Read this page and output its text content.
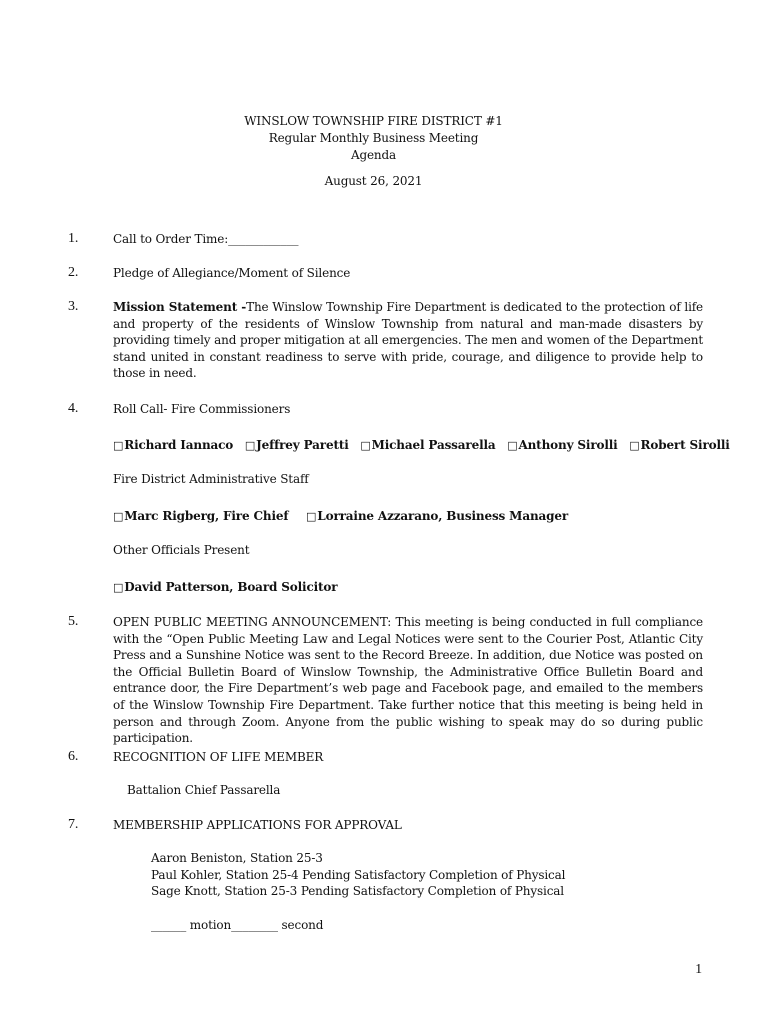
WINSLOW TOWNSHIP FIRE DISTRICT #1
Regular Monthly Business Meeting
Agenda
August 26, 2021
1.	Call to Order Time:____________
2.	Pledge of Allegiance/Moment of Silence
3.	Mission Statement -The Winslow Township Fire Department is dedicated to the protection of life and property of the residents of Winslow Township from natural and man-made disasters by providing timely and proper mitigation at all emergencies. The men and women of the Department stand united in constant readiness to serve with pride, courage, and diligence to provide help to those in need.
4.	Roll Call- Fire Commissioners
□Richard Iannaco □Jeffrey Paretti □Michael Passarella □Anthony Sirolli □Robert Sirolli
Fire District Administrative Staff
□Marc Rigberg, Fire Chief □Lorraine Azzarano, Business Manager
Other Officials Present
□David Patterson, Board Solicitor
5.	OPEN PUBLIC MEETING ANNOUNCEMENT: This meeting is being conducted in full compliance with the “Open Public Meeting Law and Legal Notices were sent to the Courier Post, Atlantic City Press and a Sunshine Notice was sent to the Record Breeze. In addition, due Notice was posted on the Official Bulletin Board of Winslow Township, the Administrative Office Bulletin Board and entrance door, the Fire Department’s web page and Facebook page, and emailed to the members of the Winslow Township Fire Department. Take further notice that this meeting is being held in person and through Zoom. Anyone from the public wishing to speak may do so during public participation.
6.	RECOGNITION OF LIFE MEMBER
Battalion Chief Passarella
7.	MEMBERSHIP APPLICATIONS FOR APPROVAL
Aaron Beniston, Station 25-3
Paul Kohler, Station 25-4 Pending Satisfactory Completion of Physical
Sage Knott, Station 25-3 Pending Satisfactory Completion of Physical
______ motion________ second
1
